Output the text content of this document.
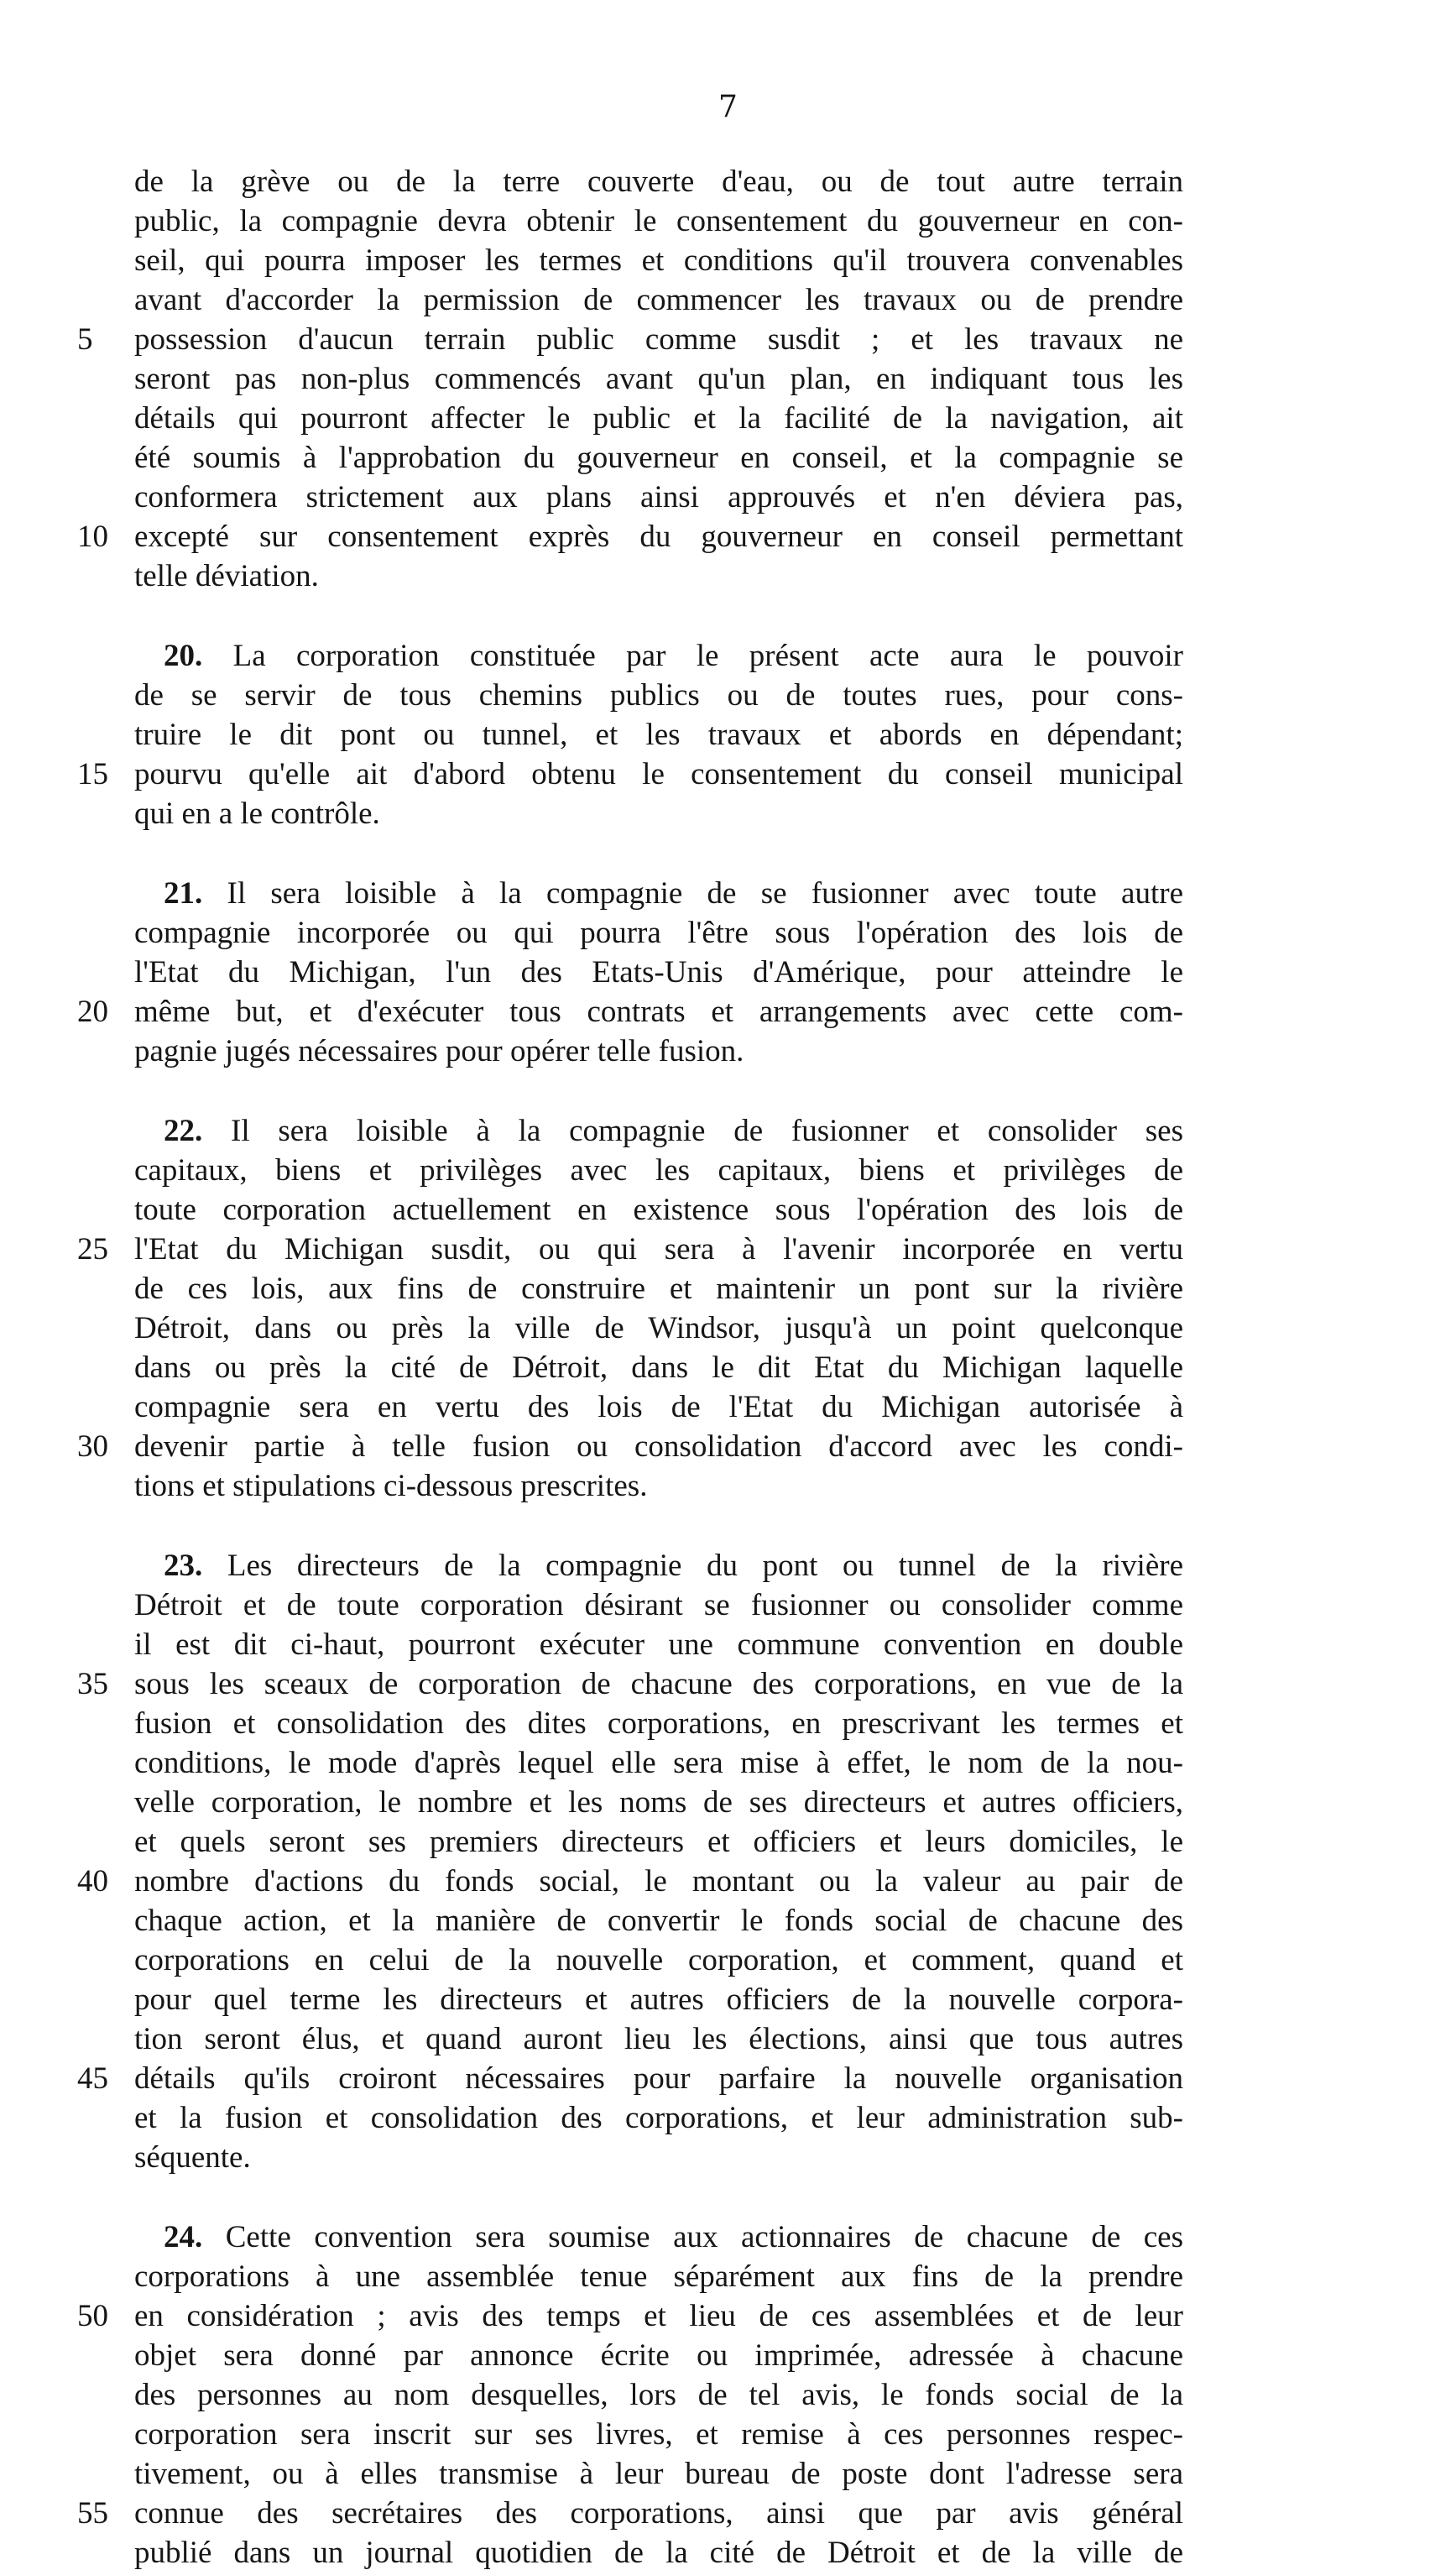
7
de la grève ou de la terre couverte d'eau, ou de tout autre terrain
public, la compagnie devra obtenir le consentement du gouverneur en con-
seil, qui pourra imposer les termes et conditions qu'il trouvera convenables
avant d'accorder la permission de commencer les travaux ou de prendre
possession d'aucun terrain public comme susdit ; et les travaux ne
5
seront pas non-plus commencés avant qu'un plan, en indiquant tous les
détails qui pourront affecter le public et la facilité de la navigation, ait
été soumis à l'approbation du gouverneur en conseil, et la compagnie se
conformera strictement aux plans ainsi approuvés et n'en déviera pas,
excepté sur consentement exprès du gouverneur en conseil permettant
10
telle déviation.
20. La corporation constituée par le présent acte aura le pouvoir
de se servir de tous chemins publics ou de toutes rues, pour cons-
truire le dit pont ou tunnel, et les travaux et abords en dépendant;
pourvu qu'elle ait d'abord obtenu le consentement du conseil municipal
15
qui en a le contrôle.
21. Il sera loisible à la compagnie de se fusionner avec toute autre
compagnie incorporée ou qui pourra l'être sous l'opération des lois de
l'Etat du Michigan, l'un des Etats-Unis d'Amérique, pour atteindre le
même but, et d'exécuter tous contrats et arrangements avec cette com-
20
pagnie jugés nécessaires pour opérer telle fusion.
22. Il sera loisible à la compagnie de fusionner et consolider ses
capitaux, biens et privilèges avec les capitaux, biens et privilèges de
toute corporation actuellement en existence sous l'opération des lois de
l'Etat du Michigan susdit, ou qui sera à l'avenir incorporée en vertu
25
de ces lois, aux fins de construire et maintenir un pont sur la rivière
Détroit, dans ou près la ville de Windsor, jusqu'à un point quelconque
dans ou près la cité de Détroit, dans le dit Etat du Michigan laquelle
compagnie sera en vertu des lois de l'Etat du Michigan autorisée à
devenir partie à telle fusion ou consolidation d'accord avec les condi-
30
tions et stipulations ci-dessous prescrites.
23. Les directeurs de la compagnie du pont ou tunnel de la rivière
Détroit et de toute corporation désirant se fusionner ou consolider comme
il est dit ci-haut, pourront exécuter une commune convention en double
sous les sceaux de corporation de chacune des corporations, en vue de la
35
fusion et consolidation des dites corporations, en prescrivant les termes et
conditions, le mode d'après lequel elle sera mise à effet, le nom de la nou-
velle corporation, le nombre et les noms de ses directeurs et autres officiers,
et quels seront ses premiers directeurs et officiers et leurs domiciles, le
nombre d'actions du fonds social, le montant ou la valeur au pair de
40
chaque action, et la manière de convertir le fonds social de chacune des
corporations en celui de la nouvelle corporation, et comment, quand et
pour quel terme les directeurs et autres officiers de la nouvelle corpora-
tion seront élus, et quand auront lieu les élections, ainsi que tous autres
détails qu'ils croiront nécessaires pour parfaire la nouvelle organisation
45
et la fusion et consolidation des corporations, et leur administration sub-
séquente.
24. Cette convention sera soumise aux actionnaires de chacune de ces
corporations à une assemblée tenue séparément aux fins de la prendre
en considération ; avis des temps et lieu de ces assemblées et de leur
50
objet sera donné par annonce écrite ou imprimée, adressée à chacune
des personnes au nom desquelles, lors de tel avis, le fonds social de la
corporation sera inscrit sur ses livres, et remise à ces personnes respec-
tivement, ou à elles transmise à leur bureau de poste dont l'adresse sera
connue des secrétaires des corporations, ainsi que par avis général
55
publié dans un journal quotidien de la cité de Détroit et de la ville de
